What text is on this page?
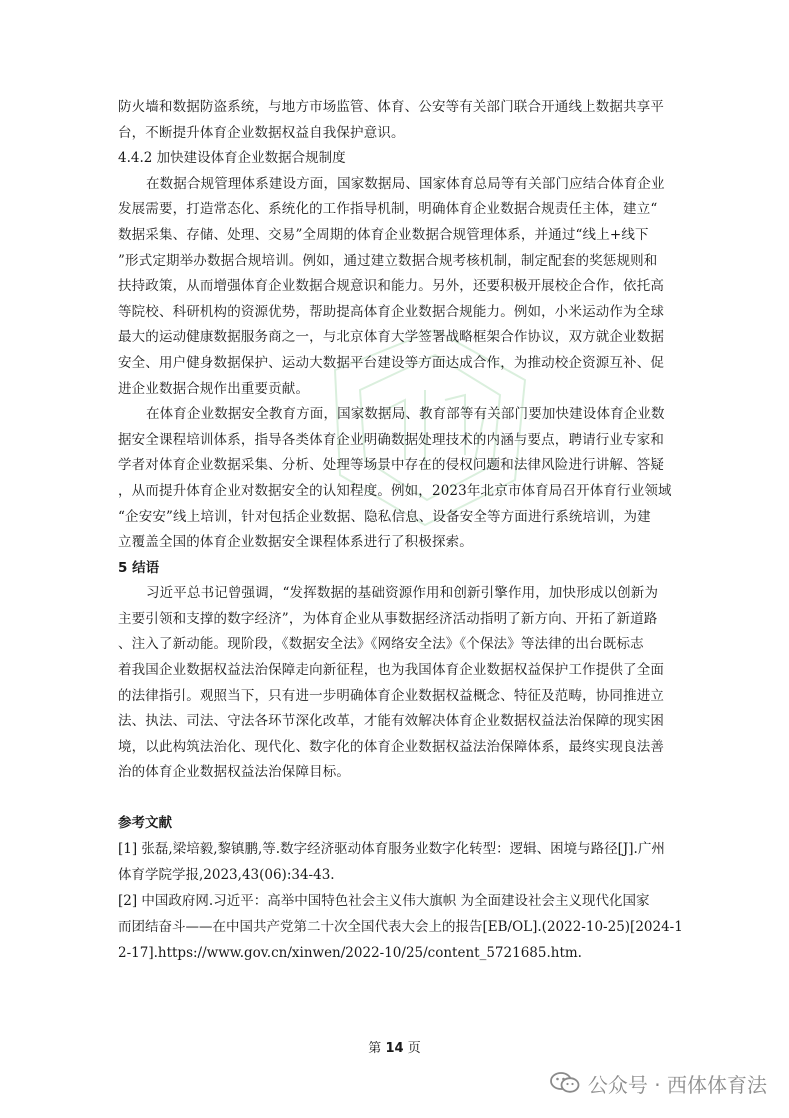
防火墙和数据防盗系统，与地方市场监管、体育、公安等有关部门联合开通线上数据共享平
台，不断提升体育企业数据权益自我保护意识。
4.4.2 加快建设体育企业数据合规制度
在数据合规管理体系建设方面，国家数据局、国家体育总局等有关部门应结合体育企业
发展需要，打造常态化、系统化的工作指导机制，明确体育企业数据合规责任主体，建立“
数据采集、存储、处理、交易”全周期的体育企业数据合规管理体系，并通过“线上+线下
”形式定期举办数据合规培训。例如，通过建立数据合规考核机制，制定配套的奖惩规则和
扶持政策，从而增强体育企业数据合规意识和能力。另外，还要积极开展校企合作，依托高
等院校、科研机构的资源优势，帮助提高体育企业数据合规能力。例如，小米运动作为全球
最大的运动健康数据服务商之一，与北京体育大学签署战略框架合作协议，双方就企业数据
安全、用户健身数据保护、运动大数据平台建设等方面达成合作，为推动校企资源互补、促
进企业数据合规作出重要贡献。
在体育企业数据安全教育方面，国家数据局、教育部等有关部门要加快建设体育企业数
据安全课程培训体系，指导各类体育企业明确数据处理技术的内涵与要点，聘请行业专家和
学者对体育企业数据采集、分析、处理等场景中存在的侵权问题和法律风险进行讲解、答疑
，从而提升体育企业对数据安全的认知程度。例如，2023年北京市体育局召开体育行业领域
“企安安”线上培训，针对包括企业数据、隐私信息、设备安全等方面进行系统培训，为建
立覆盖全国的体育企业数据安全课程体系进行了积极探索。
5 结语
习近平总书记曾强调，“发挥数据的基础资源作用和创新引擎作用，加快形成以创新为
主要引领和支撑的数字经济”，为体育企业从事数据经济活动指明了新方向、开拓了新道路
、注入了新动能。现阶段，《数据安全法》《网络安全法》《个保法》等法律的出台既标志
着我国企业数据权益法治保障走向新征程，也为我国体育企业数据权益保护工作提供了全面
的法律指引。观照当下，只有进一步明确体育企业数据权益概念、特征及范畴，协同推进立
法、执法、司法、守法各环节深化改革，才能有效解决体育企业数据权益法治保障的现实困
境，以此构筑法治化、现代化、数字化的体育企业数据权益法治保障体系，最终实现良法善
治的体育企业数据权益法治保障目标。
参考文献
[1] 张磊,梁培毅,黎镇鹏,等.数字经济驱动体育服务业数字化转型：逻辑、困境与路径[J].广州
体育学院学报,2023,43(06):34-43.
[2] 中国政府网.习近平：高举中国特色社会主义伟大旗帜 为全面建设社会主义现代化国家
而团结奋斗——在中国共产党第二十次全国代表大会上的报告[EB/OL].(2022-10-25)[2024-1
2-17].https://www.gov.cn/xinwen/2022-10/25/content_5721685.htm.
第 14 页
公众号 · 西体体育法
